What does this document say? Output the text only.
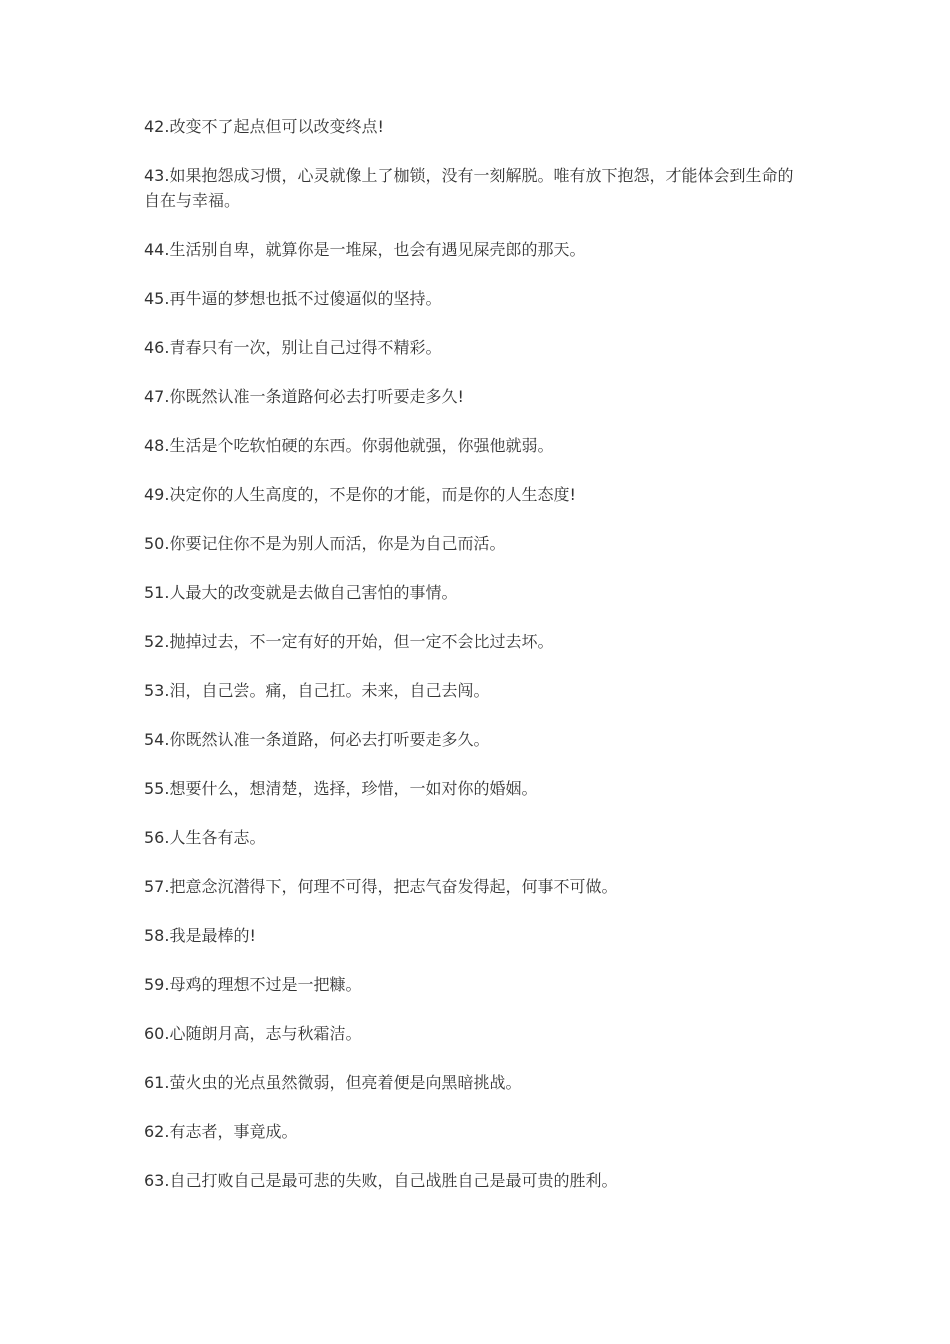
42.改变不了起点但可以改变终点!

43.如果抱怨成习惯，心灵就像上了枷锁，没有一刻解脱。唯有放下抱怨，才能体会到生命的自在与幸福。

44.生活别自卑，就算你是一堆屎，也会有遇见屎壳郎的那天。

45.再牛逼的梦想也抵不过傻逼似的坚持。

46.青春只有一次，别让自己过得不精彩。

47.你既然认准一条道路何必去打听要走多久!

48.生活是个吃软怕硬的东西。你弱他就强，你强他就弱。

49.决定你的人生高度的，不是你的才能，而是你的人生态度!

50.你要记住你不是为别人而活，你是为自己而活。

51.人最大的改变就是去做自己害怕的事情。

52.抛掉过去，不一定有好的开始，但一定不会比过去坏。

53.泪，自己尝。痛，自己扛。未来，自己去闯。

54.你既然认准一条道路，何必去打听要走多久。

55.想要什么，想清楚，选择，珍惜，一如对你的婚姻。

56.人生各有志。

57.把意念沉潜得下，何理不可得，把志气奋发得起，何事不可做。

58.我是最棒的!

59.母鸡的理想不过是一把糠。

60.心随朗月高，志与秋霜洁。

61.萤火虫的光点虽然微弱，但亮着便是向黑暗挑战。

62.有志者，事竟成。

63.自己打败自己是最可悲的失败，自己战胜自己是最可贵的胜利。
